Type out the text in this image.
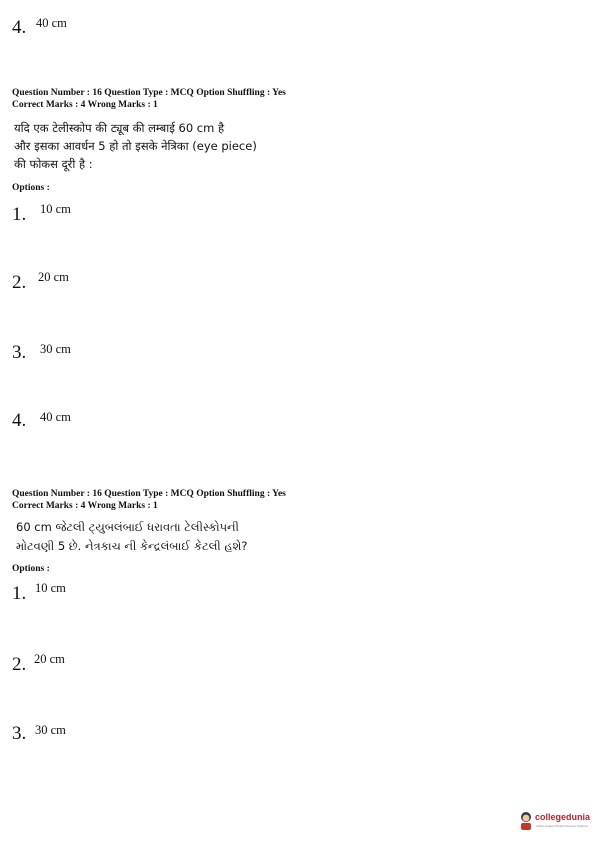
4. 40 cm
Question Number : 16 Question Type : MCQ Option Shuffling : Yes
Correct Marks : 4 Wrong Marks : 1
यदि एक टेलीस्कोप की ट्यूब की लम्बाई 60 cm है
और इसका आवर्धन 5 हो तो इसके नेत्रिका (eye piece)
की फोकस दूरी है :
Options :
1. 10 cm
2. 20 cm
3. 30 cm
4. 40 cm
Question Number : 16 Question Type : MCQ Option Shuffling : Yes
Correct Marks : 4 Wrong Marks : 1
60 cm જેટલી ટ્યુબલંબાઈ ધરાવતા ટેલીસ્કોપની
મોટવણી 5 છે. નેત્રકાચ ની કેન્દ્રલંબાઈ કેટલી હશે?
Options :
1. 10 cm
2. 20 cm
3. 30 cm
collegedunia
India's largest Student Review Platform
